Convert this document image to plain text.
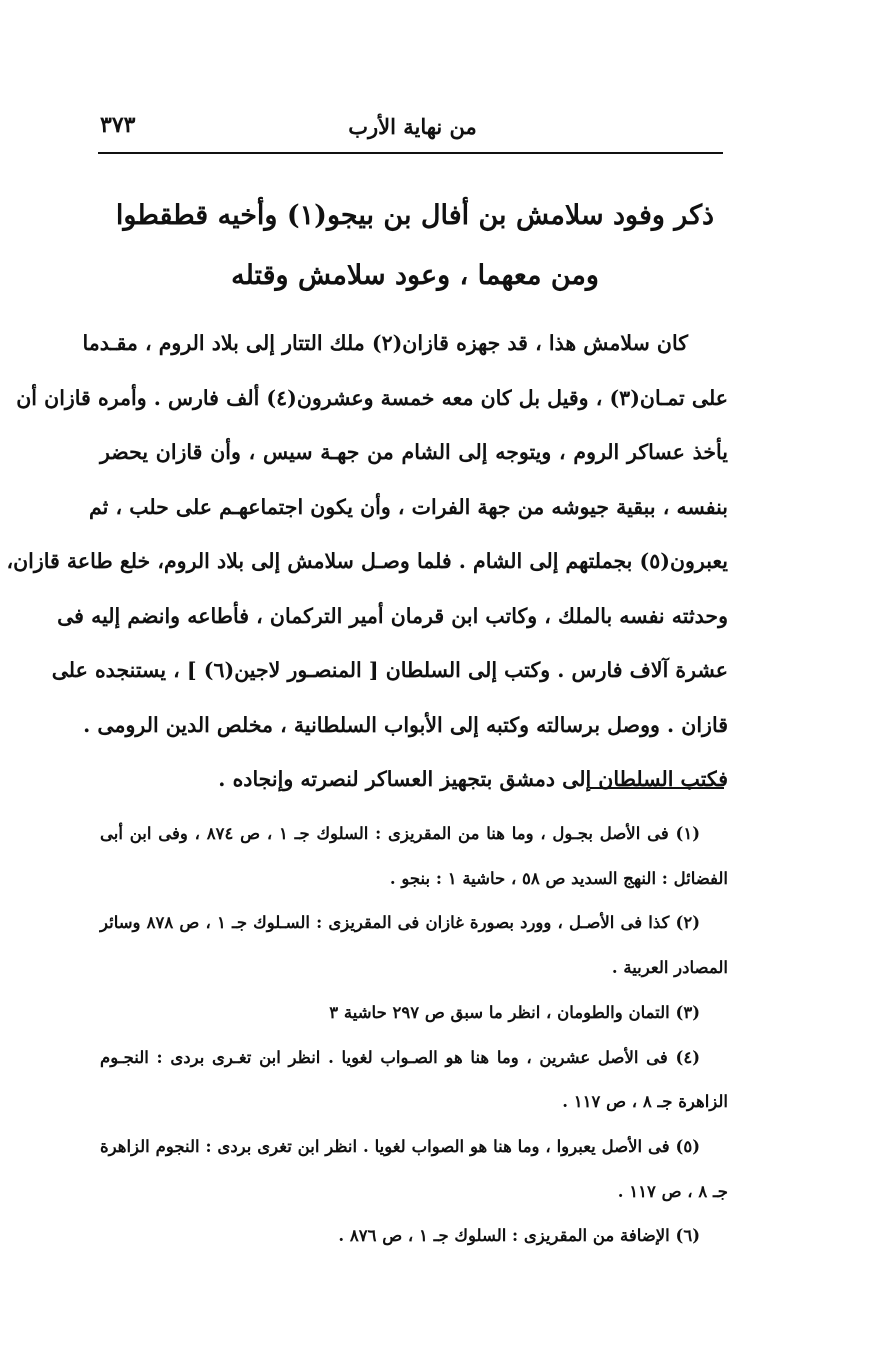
٣٧٣	من نهاية الأرب
ذكر وفود سلامش بن أفال بن بيجو(١) وأخيه قطقطوا
ومن معهما ، وعود سلامش وقتله
كان سلامش هذا ، قد جهزه قازان(٢) ملك التتار إلى بلاد الروم ، مقـدما
على تمـان(٣) ، وقيل بل كان معه خمسة وعشرون(٤) ألف فارس . وأمره قازان أن
يأخذ عساكر الروم ، ويتوجه إلى الشام من جهـة سيس ، وأن قازان يحضر
بنفسه ، ببقية جيوشه من جهة الفرات ، وأن يكون اجتماعهـم على حلب ، ثم
يعبرون(٥) بجملتهم إلى الشام . فلما وصـل سلامش إلى بلاد الروم، خلع طاعة قازان،
وحدثته نفسه بالملك ، وكاتب ابن قرمان أمير التركمان ، فأطاعه وانضم إليه فى
عشرة آلاف فارس . وكتب إلى السلطان [ المنصـور لاجين(٦) ] ، يستنجده على
قازان . ووصل برسالته وكتبه إلى الأبواب السلطانية ، مخلص الدين الرومى .
فكتب السلطان إلى دمشق بتجهيز العساكر لنصرته وإنجاده .
(١) فى الأصل بجـول ، وما هنا من المقريزى : السلوك جـ ١ ، ص ٨٧٤ ، وفى ابن أبى
الفضائل : النهج السديد ص ٥٨ ، حاشية ١ : بنجو .
(٢) كذا فى الأصـل ، وورد بصورة غازان فى المقريزى : السـلوك جـ ١ ، ص ٨٧٨ وسائر
المصادر العربية .
(٣) التمان والطومان ، انظر ما سبق ص ٢٩٧ حاشية ٣
(٤) فى الأصل عشرين ، وما هنا هو الصـواب لغويا . انظر ابن تغـرى بردى : النجـوم
الزاهرة جـ ٨ ، ص ١١٧ .
(٥) فى الأصل يعبروا ، وما هنا هو الصواب لغويا . انظر ابن تغرى بردى : النجوم الزاهرة
جـ ٨ ، ص ١١٧ .
(٦) الإضافة من المقريزى : السلوك جـ ١ ، ص ٨٧٦ .
